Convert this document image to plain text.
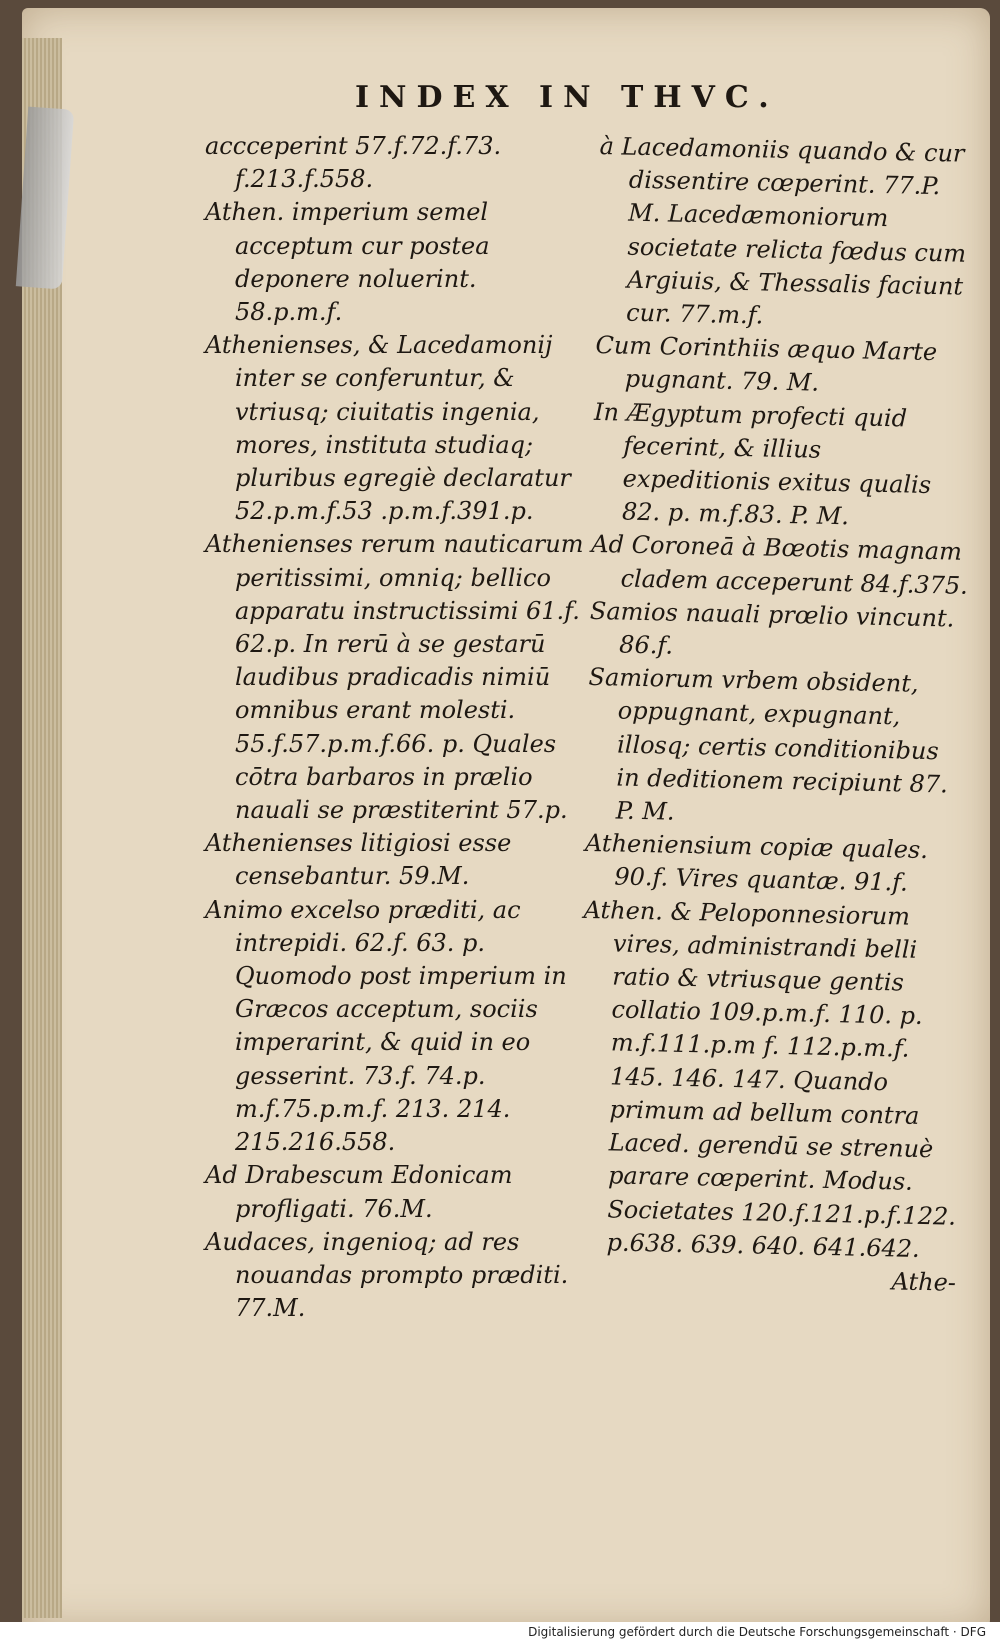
INDEX IN THVC.

accceperint 57.f.72.f.73. f.213.f.558.

Athen. imperium semel acceptum cur postea deponere noluerint. 58.p.m.f.

Athenienses, & Lacedamonij inter se conferuntur, & vtriusq; ciuitatis ingenia, mores, instituta studiaq; pluribus egregiè declaratur 52.p.m.f.53 .p.m.f.391.p.

Athenienses rerum nauticarum peritissimi, omniq; bellico apparatu instructissimi 61.f. 62.p. In rerū à se gestarū laudibus pradicadis nimiū omnibus erant molesti. 55.f.57.p.m.f.66. p. Quales cōtra barbaros in prælio nauali se præstiterint 57.p.

Athenienses litigiosi esse censebantur. 59.M.

Animo excelso præditi, ac intrepidi. 62.f. 63. p. Quomodo post imperium in Græcos acceptum, sociis imperarint, & quid in eo gesserint. 73.f. 74.p. m.f.75.p.m.f. 213. 214. 215.216.558.

Ad Drabescum Edonicam profligati. 76.M.

Audaces, ingenioq; ad res nouandas prompto præditi. 77.M.

à Lacedamoniis quando & cur dissentire cœperint. 77.P. M. Lacedæmoniorum societate relicta fœdus cum Argiuis, & Thessalis faciunt cur. 77.m.f.

Cum Corinthiis æquo Marte pugnant. 79. M.

In Ægyptum profecti quid fecerint, & illius expeditionis exitus qualis 82. p. m.f.83. P. M.

Ad Coroneā à Bœotis magnam cladem acceperunt 84.f.375.

Samios nauali prœlio vincunt. 86.f.

Samiorum vrbem obsident, oppugnant, expugnant, illosq; certis conditionibus in deditionem recipiunt 87. P. M.

Atheniensium copiæ quales. 90.f. Vires quantæ. 91.f.

Athen. & Peloponnesiorum vires, administrandi belli ratio & vtriusque gentis collatio 109.p.m.f. 110. p. m.f.111.p.m f. 112.p.m.f. 145. 146. 147. Quando primum ad bellum contra Laced. gerendū se strenuè parare cœperint. Modus. Societates 120.f.121.p.f.122. p.638. 639. 640. 641.642.

Athe-

Digitalisierung gefördert durch die Deutsche Forschungsgemeinschaft · DFG
